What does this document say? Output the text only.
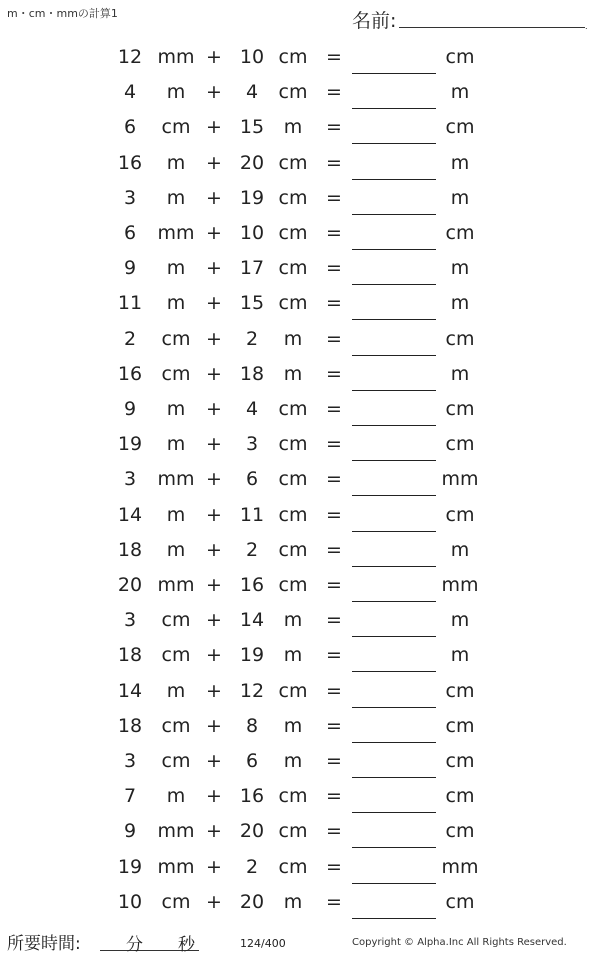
m・cm・mmの計算1	名前:	.
12 mm + 10 cm =	cm
4	m	+	4	cm =	m
6	cm + 15	m	=	cm
16	m	+ 20 cm =	m
3	m	+ 19 cm =	m
6	mm + 10 cm =	cm
9	m	+ 17 cm =	m
11	m	+ 15 cm =	m
2	cm +	2	m	=	cm
16	cm + 18	m	=	m
9	m	+	4	cm =	cm
19	m	+	3	cm =	cm
3	mm +	6	cm =	mm
14	m	+ 11 cm =	cm
18	m	+	2	cm =	m
20 mm + 16 cm =	mm
3	cm + 14	m	=	m
18	cm + 19	m	=	m
14	m	+ 12 cm =	cm
18	cm +	8	m	=	cm
3	cm +	6	m	=	cm
7	m	+ 16 cm =	cm
9	mm + 20 cm =	cm
19 mm +	2	cm =	mm
10	cm + 20	m	=	cm
所要時間:	分 秒	124/400	Copyright © Alpha.Inc All Rights Reserved.
